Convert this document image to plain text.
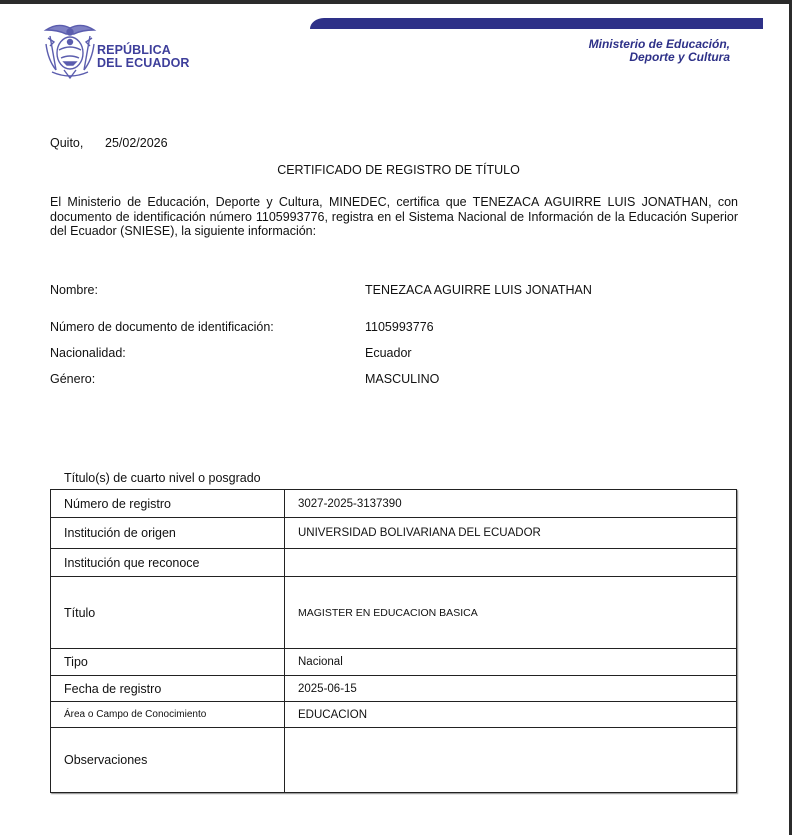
REPÚBLICA
DEL ECUADOR
Ministerio de Educación,
Deporte y Cultura
Quito, 25/02/2026
CERTIFICADO DE REGISTRO DE TÍTULO
El Ministerio de Educación, Deporte y Cultura, MINEDEC, certifica que TENEZACA AGUIRRE LUIS JONATHAN, con documento de identificación número 1105993776, registra en el Sistema Nacional de Información de la Educación Superior del Ecuador (SNIESE), la siguiente información:
Nombre:	TENEZACA AGUIRRE LUIS JONATHAN
Número de documento de identificación:	1105993776
Nacionalidad:	Ecuador
Género:	MASCULINO
Título(s) de cuarto nivel o posgrado
Número de registro	3027-2025-3137390
Institución de origen	UNIVERSIDAD BOLIVARIANA DEL ECUADOR
Institución que reconoce	
Título	MAGISTER EN EDUCACION BASICA
Tipo	Nacional
Fecha de registro	2025-06-15
Área o Campo de Conocimiento	EDUCACION
Observaciones	
